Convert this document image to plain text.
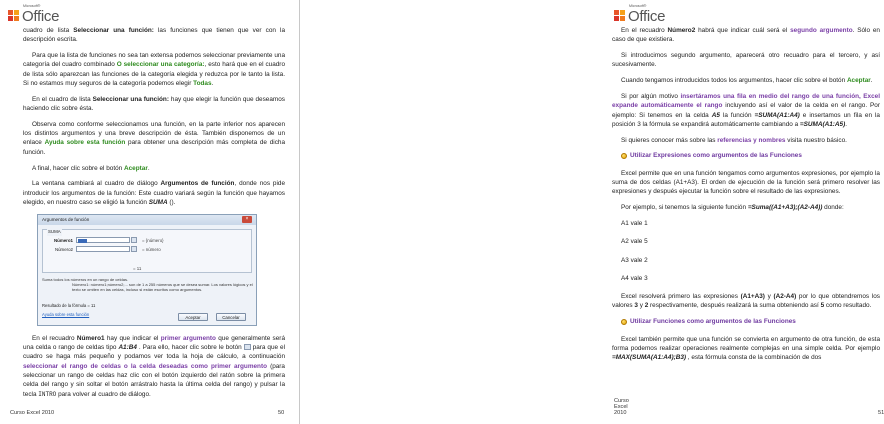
Microsoft®
Office

cuadro de lista Seleccionar una función: las funciones que tienen que ver con la descripción escrita.

Para que la lista de funciones no sea tan extensa podemos seleccionar previamente una categoría del cuadro combinado O seleccionar una categoría:, esto hará que en el cuadro de lista sólo aparezcan las funciones de la categoría elegida y reduzca por le tanto la lista. Si no estamos muy seguros de la categoría podemos elegir Todas.

En el cuadro de lista Seleccionar una función: hay que elegir la función que deseamos haciendo clic sobre ésta.

Observa como conforme seleccionamos una función, en la parte inferior nos aparecen los distintos argumentos y una breve descripción de ésta. También disponemos de un enlace Ayuda sobre esta función para obtener una descripción más completa de dicha función.

A final, hacer clic sobre el botón Aceptar.

La ventana cambiará al cuadro de diálogo Argumentos de función, donde nos pide introducir los argumentos de la función: Este cuadro variará según la función que hayamos elegido, en nuestro caso se eligió la función SUMA ().

Argumentos de función	×
SUMA
Número1	= {número}
Número2	= número
= 11
Suma todos los números en un rango de celdas.
Número1: número1;número2;... son de 1 a 255 números que se desea sumar. Los valores lógicos y el texto se omiten en las celdas, incluso si están escritos como argumentos.
Resultado de la fórmula = 11
Ayuda sobre esta función	Aceptar	Cancelar

En el recuadro Número1 hay que indicar el primer argumento que generalmente será una celda o rango de celdas tipo A1:B4 . Para ello, hacer clic sobre le botón  para que el cuadro se haga más pequeño y podamos ver toda la hoja de cálculo, a continuación seleccionar el rango de celdas o la celda deseadas como primer argumento (para seleccionar un rango de celdas haz clic con el botón izquierdo del ratón sobre la primera celda del rango y sin soltar el botón arrástralo hasta la última celda del rango) y pulsar la tecla INTRO para volver al cuadro de diálogo.

Curso Excel 2010	50
Microsoft®
Office

En el recuadro Número2 habrá que indicar cuál será el segundo argumento. Sólo en caso de que existiera.

Si introducimos segundo argumento, aparecerá otro recuadro para el tercero, y así sucesivamente.

Cuando tengamos introducidos todos los argumentos, hacer clic sobre el botón Aceptar.

Si por algún motivo insertáramos una fila en medio del rango de una función, Excel expande automáticamente el rango incluyendo así el valor de la celda en el rango. Por ejemplo: Si tenemos en la celda A5 la función =SUMA(A1:A4) e insertamos un fila en la posición 3 la fórmula se expandirá automáticamente cambiando a =SUMA(A1:A5).

Si quieres conocer más sobre las referencias y nombres visita nuestro básico.

Utilizar Expresiones como argumentos de las Funciones

Excel permite que en una función tengamos como argumentos expresiones, por ejemplo la suma de dos celdas (A1+A3). El orden de ejecución de la función será primero resolver las expresiones y después ejecutar la función sobre el resultado de las expresiones.

Por ejemplo, si tenemos la siguiente función =Suma((A1+A3);(A2-A4)) donde:

A1 vale 1

A2 vale 5

A3 vale 2

A4 vale 3

Excel resolverá primero las expresiones (A1+A3) y (A2-A4) por lo que obtendremos los valores 3 y 2 respectivamente, después realizará la suma obteniendo así 5 como resultado.

Utilizar Funciones como argumentos de las Funciones

Excel también permite que una función se convierta en argumento de otra función, de esta forma podemos realizar operaciones realmente complejas en una simple celda. Por ejemplo =MAX(SUMA(A1:A4);B3) , esta fórmula consta de la combinación de dos

Curso Excel 2010	51
